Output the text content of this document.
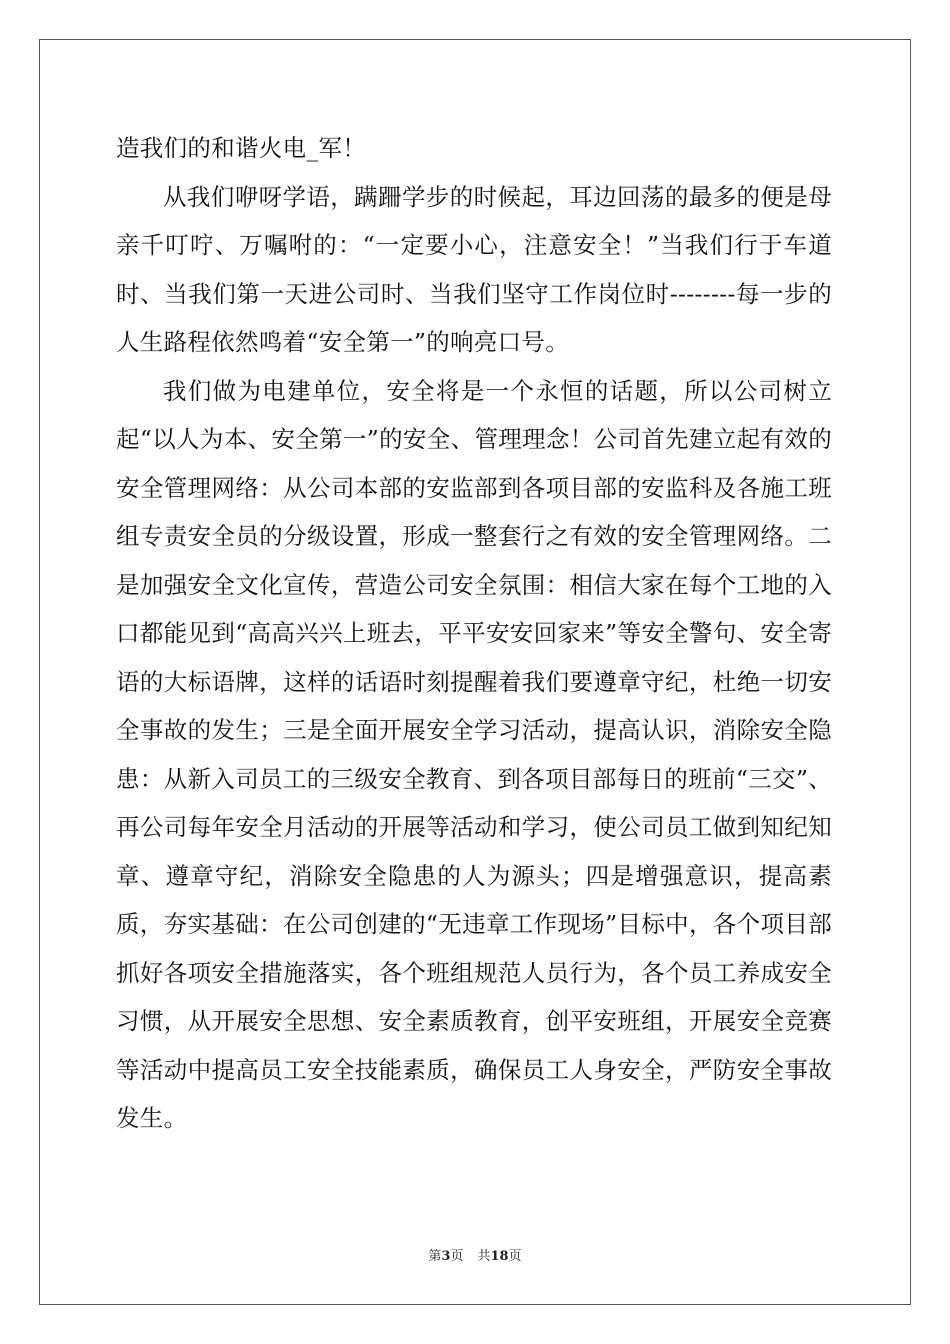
造我们的和谐火电_军！

从我们咿呀学语，蹒跚学步的时候起，耳边回荡的最多的便是母亲千叮咛、万嘱咐的：“一定要小心，注意安全！”当我们行于车道时、当我们第一天进公司时、当我们坚守工作岗位时--------每一步的人生路程依然鸣着“安全第一”的响亮口号。

我们做为电建单位，安全将是一个永恒的话题，所以公司树立起“以人为本、安全第一”的安全、管理理念！公司首先建立起有效的安全管理网络：从公司本部的安监部到各项目部的安监科及各施工班组专责安全员的分级设置，形成一整套行之有效的安全管理网络。二是加强安全文化宣传，营造公司安全氛围：相信大家在每个工地的入口都能见到“高高兴兴上班去，平平安安回家来”等安全警句、安全寄语的大标语牌，这样的话语时刻提醒着我们要遵章守纪，杜绝一切安全事故的发生；三是全面开展安全学习活动，提高认识，消除安全隐患：从新入司员工的三级安全教育、到各项目部每日的班前“三交”、再公司每年安全月活动的开展等活动和学习，使公司员工做到知纪知章、遵章守纪，消除安全隐患的人为源头；四是增强意识，提高素质，夯实基础：在公司创建的“无违章工作现场”目标中，各个项目部抓好各项安全措施落实，各个班组规范人员行为，各个员工养成安全习惯，从开展安全思想、安全素质教育，创平安班组，开展安全竞赛等活动中提高员工安全技能素质，确保员工人身安全，严防安全事故发生。

第3页 共18页
